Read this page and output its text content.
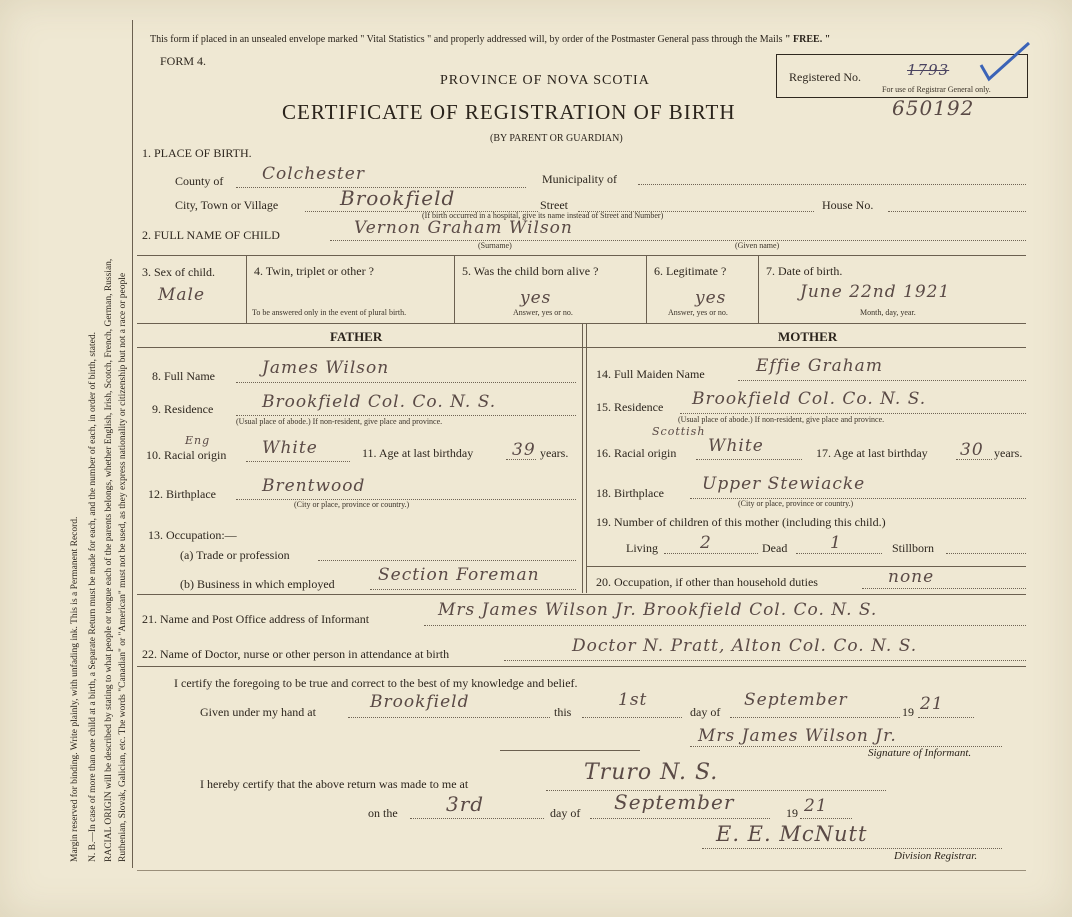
Margin reserved for binding. Write plainly, with unfading ink. This is a Permanent Record. N. B.—In case of more than one child at a birth, a Separate Return must be made for each, and the number of each, in order of birth, stated. RACIAL ORIGIN will be described by stating to what people or tongue each of the parents belongs, whether English, Irish, Scotch, French, German, Russian, Ruthenian, Slovak, Galician, etc. The words "Canadian" or "American" must not be used, as they express nationality or citizenship but not a race or people
This form if placed in an unsealed envelope marked " Vital Statistics " and properly addressed will, by order of the Postmaster General pass through the Mails " FREE. "
FORM 4.
PROVINCE OF NOVA SCOTIA	Registered No.	1793
For use of Registrar General only.
CERTIFICATE OF REGISTRATION OF BIRTH	650192
(BY PARENT OR GUARDIAN)
1. PLACE OF BIRTH.
County of Colchester	Municipality of
City, Town or Village	Brookfield	Street	House No.
(If birth occurred in a hospital, give its name instead of Street and Number)
2. FULL NAME OF CHILD	Vernon Graham Wilson
(Surname)	(Given name)
3. Sex of child.
Male
4. Twin, triplet or other ?
To be answered only in the event of plural birth.
5. Was the child born alive ?
yes
Answer, yes or no.
6. Legitimate ?
yes
Answer, yes or no.
7. Date of birth.
June 22nd 1921
Month, day, year.
FATHER	MOTHER
8. Full Name	James Wilson
9. Residence	Brookfield Col. Co. N. S.
(Usual place of abode.) If non-resident, give place and province.
10. Racial origin
Eng	White	11. Age at last birthday 39 years.
12. Birthplace	Brentwood
(City or place, province or country.)
13. Occupation:—
(a) Trade or profession
(b) Business in which employed	Section Foreman
14. Full Maiden Name	Effie Graham
15. Residence Brookfield Col. Co. N. S.
(Usual place of abode.) If non-resident, give place and province.
16. Racial origin
Scottish
White	17. Age at last birthday 30 years.
18. Birthplace Upper Stewiacke
(City or place, province or country.)
19. Number of children of this mother (including this child.)
Living 2	Dead	1	Stillborn
20. Occupation, if other than household duties	none
21. Name and Post Office address of Informant	Mrs James Wilson Jr. Brookfield Col. Co. N. S.
22. Name of Doctor, nurse or other person in attendance at birth	Doctor N. Pratt, Alton Col. Co. N. S.
I certify the foregoing to be true and correct to the best of my knowledge and belief.
Given under my hand at	Brookfield	this
1st
day of
September
19 21
Mrs James Wilson Jr.
Signature of Informant.
I hereby certify that the above return was made to me at	Truro N. S.
on the 3rd	day of September	19 21
E. E. McNutt
Division Registrar.
